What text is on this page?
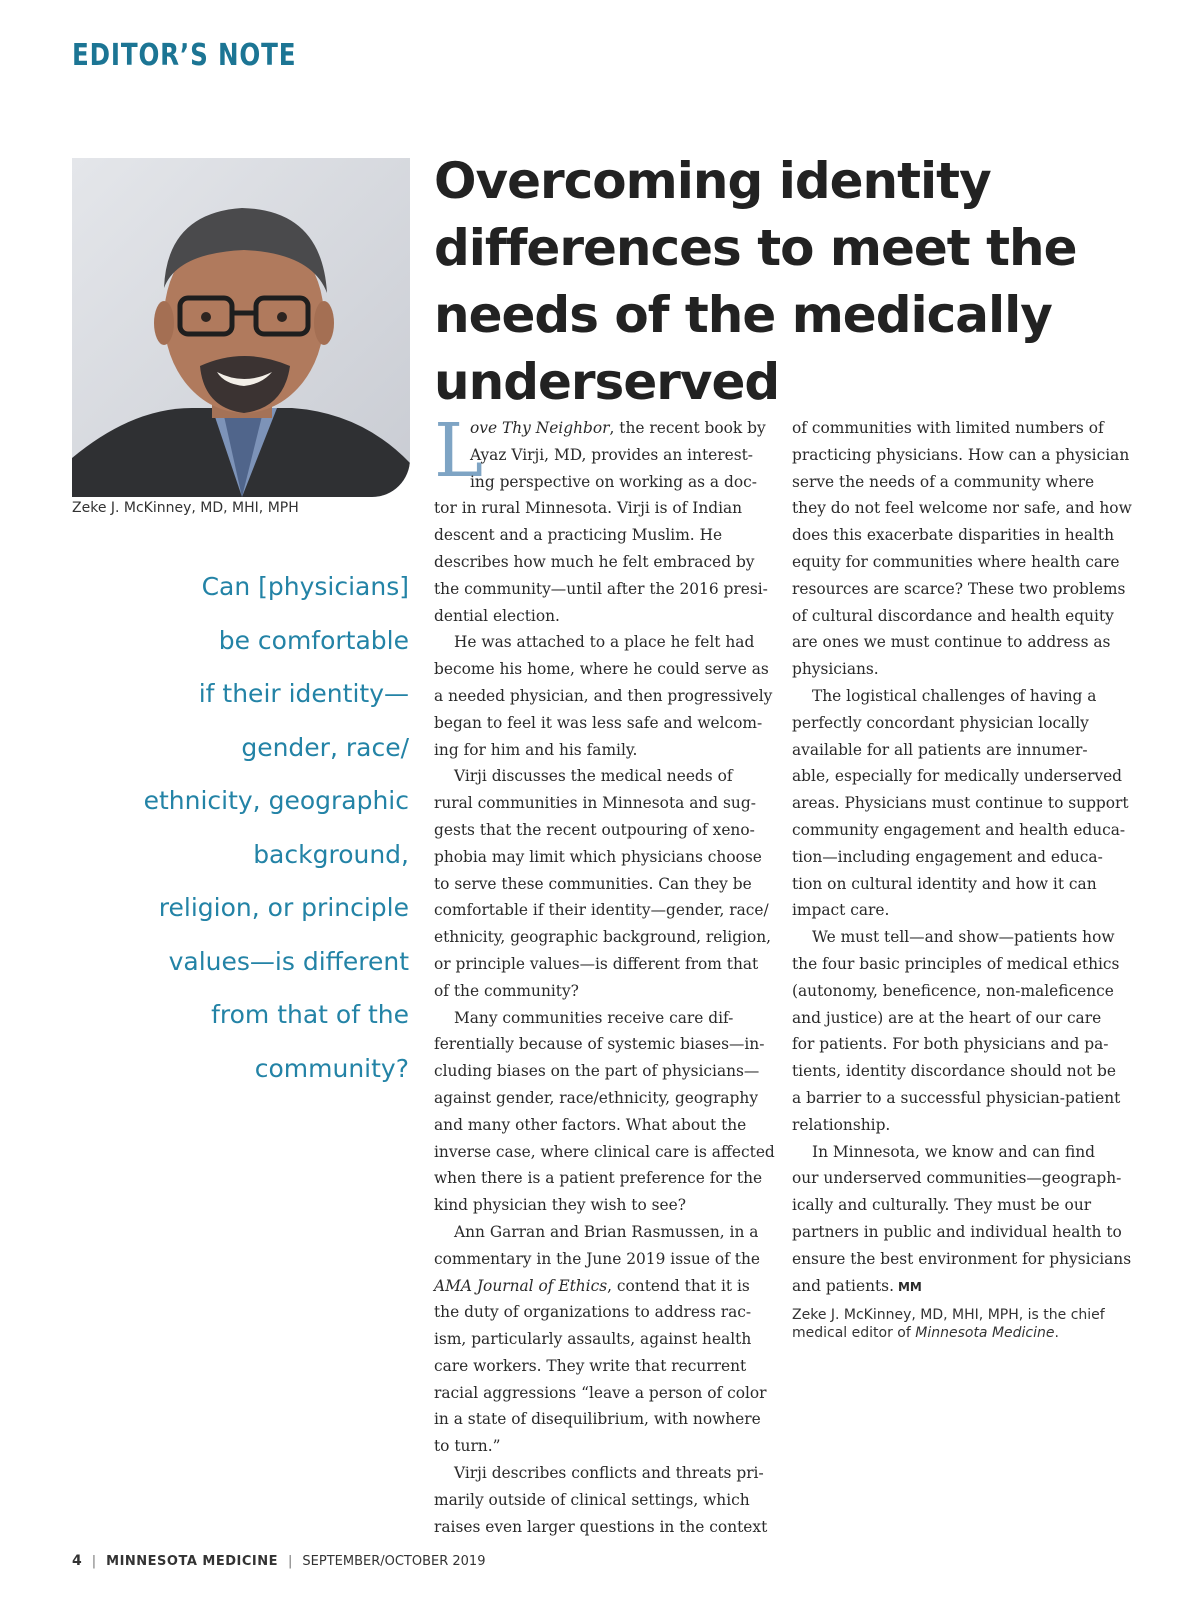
EDITOR’S NOTE

Zeke J. McKinney, MD, MHI, MPH

Can [physicians]
be comfortable
if their identity—
gender, race/
ethnicity, geographic
background,
religion, or principle
values—is different
from that of the
community?

Overcoming identity
differences to meet the
needs of the medically
underserved
L
ove Thy Neighbor, the recent book by
Ayaz Virji, MD, provides an interest-
ing perspective on working as a doc-
tor in rural Minnesota. Virji is of Indian
descent and a practicing Muslim. He
describes how much he felt embraced by
the community—until after the 2016 presi-
dential election.
He was attached to a place he felt had
become his home, where he could serve as
a needed physician, and then progressively
began to feel it was less safe and welcom-
ing for him and his family.
Virji discusses the medical needs of
rural communities in Minnesota and sug-
gests that the recent outpouring of xeno-
phobia may limit which physicians choose
to serve these communities. Can they be
comfortable if their identity—gender, race/
ethnicity, geographic background, religion,
or principle values—is different from that
of the community?
Many communities receive care dif-
ferentially because of systemic biases—in-
cluding biases on the part of physicians—
against gender, race/ethnicity, geography
and many other factors. What about the
inverse case, where clinical care is affected
when there is a patient preference for the
kind physician they wish to see?
Ann Garran and Brian Rasmussen, in a
commentary in the June 2019 issue of the
AMA Journal of Ethics, contend that it is
the duty of organizations to address rac-
ism, particularly assaults, against health
care workers. They write that recurrent
racial aggressions “leave a person of color
in a state of disequilibrium, with nowhere
to turn.”
Virji describes conflicts and threats pri-
marily outside of clinical settings, which
raises even larger questions in the context
of communities with limited numbers of
practicing physicians. How can a physician
serve the needs of a community where
they do not feel welcome nor safe, and how
does this exacerbate disparities in health
equity for communities where health care
resources are scarce? These two problems
of cultural discordance and health equity
are ones we must continue to address as
physicians.
The logistical challenges of having a
perfectly concordant physician locally
available for all patients are innumer-
able, especially for medically underserved
areas. Physicians must continue to support
community engagement and health educa-
tion—including engagement and educa-
tion on cultural identity and how it can
impact care.
We must tell—and show—patients how
the four basic principles of medical ethics
(autonomy, beneficence, non-maleficence
and justice) are at the heart of our care
for patients. For both physicians and pa-
tients, identity discordance should not be
a barrier to a successful physician-patient
relationship.
In Minnesota, we know and can find
our underserved communities—geograph-
ically and culturally. They must be our
partners in public and individual health to
ensure the best environment for physicians
and patients. MM
Zeke J. McKinney, MD, MHI, MPH, is the chief
medical editor of Minnesota Medicine.
4 | MINNESOTA MEDICINE | SEPTEMBER/OCTOBER 2019
